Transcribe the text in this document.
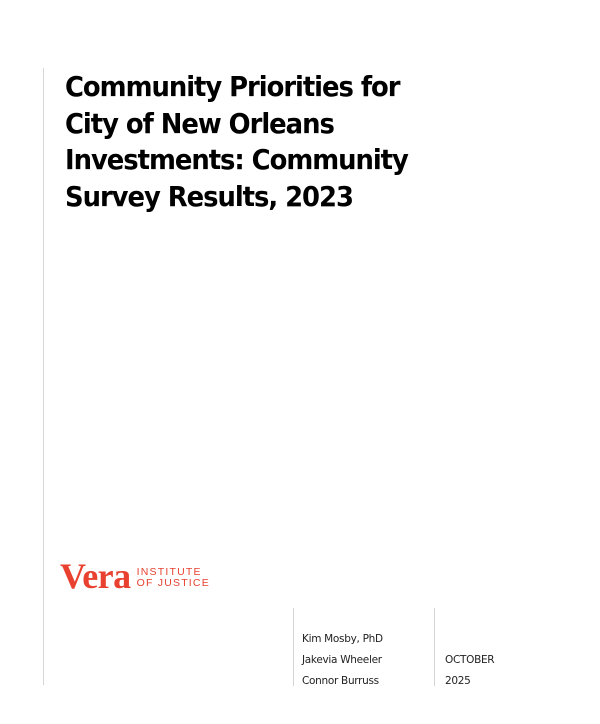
Community Priorities for
City of New Orleans
Investments: Community
Survey Results, 2023
Vera INSTITUTE
OF JUSTICE
Kim Mosby, PhD
Jakevia Wheeler
Connor Burruss
OCTOBER
2025
